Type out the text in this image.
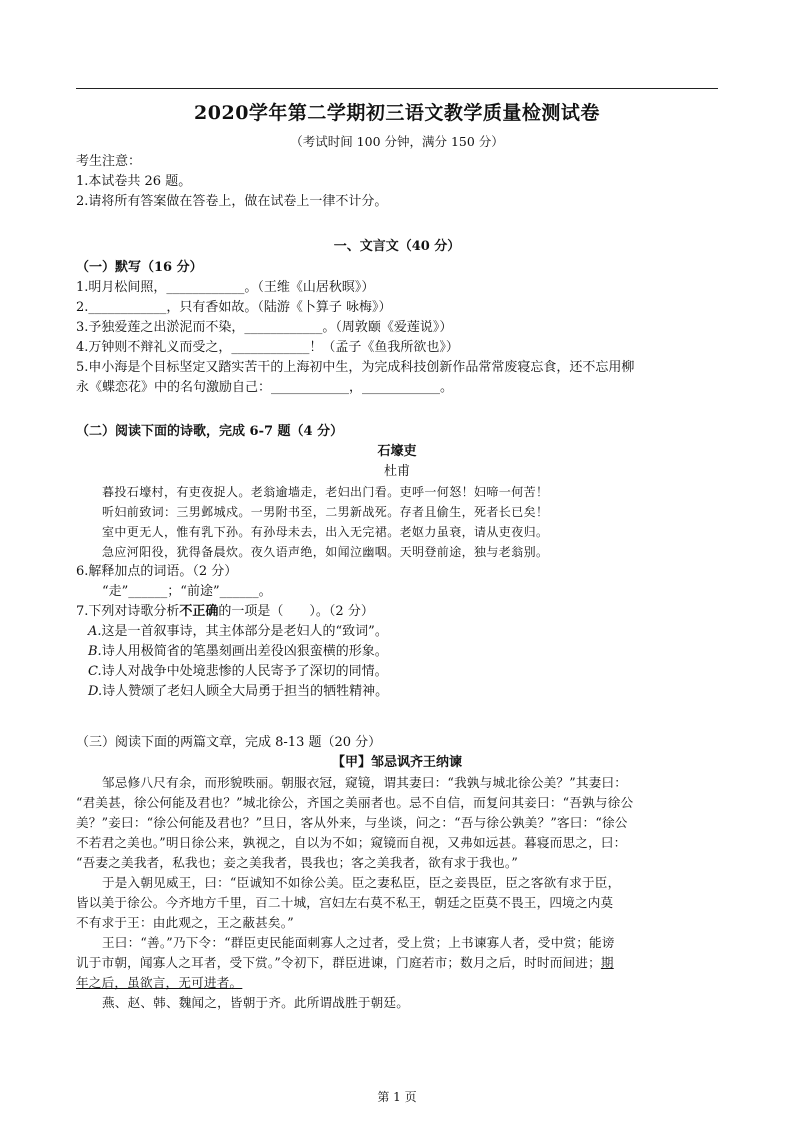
2020学年第二学期初三语文教学质量检测试卷
（考试时间 100 分钟，满分 150 分）
考生注意：
1.本试卷共 26 题。
2.请将所有答案做在答卷上，做在试卷上一律不计分。
一、文言文（40 分）
（一）默写（16 分）
1.明月松间照，____________。（王维《山居秋暝》）
2.____________，只有香如故。（陆游《卜算子 咏梅》）
3.予独爱莲之出淤泥而不染，____________。（周敦颐《爱莲说》）
4.万钟则不辩礼义而受之，____________！（孟子《鱼我所欲也》）
5.申小海是个目标坚定又踏实苦干的上海初中生，为完成科技创新作品常常废寝忘食，还不忘用柳
永《蝶恋花》中的名句激励自己：____________，____________。
（二）阅读下面的诗歌，完成 6-7 题（4 分）
石壕吏
杜甫
暮投石壕村，有吏夜捉人。老翁逾墙走，老妇出门看。吏呼一何怒！妇啼一何苦！
听妇前致词：三男邺城戍。一男附书至，二男新战死。存者且偷生，死者长已矣！
室中更无人，惟有乳下孙。有孙母未去，出入无完裙。老妪力虽衰，请从吏夜归。
急应河阳役，犹得备晨炊。夜久语声绝，如闻泣幽咽。天明登前途，独与老翁别。
6.解释加点的词语。（2 分）
“走”______；“前途”______。
7.下列对诗歌分析不正确的一项是（　　）。（2 分）
A.这是一首叙事诗，其主体部分是老妇人的“致词”。
B.诗人用极简省的笔墨刻画出差役凶狠蛮横的形象。
C.诗人对战争中处境悲惨的人民寄予了深切的同情。
D.诗人赞颂了老妇人顾全大局勇于担当的牺牲精神。
（三）阅读下面的两篇文章，完成 8-13 题（20 分）
【甲】邹忌讽齐王纳谏
邹忌修八尺有余，而形貌昳丽。朝服衣冠，窥镜，谓其妻曰：“我孰与城北徐公美？”其妻曰：
“君美甚，徐公何能及君也？”城北徐公，齐国之美丽者也。忌不自信，而复问其妾曰：“吾孰与徐公
美？”妾曰：“徐公何能及君也？”旦日，客从外来，与坐谈，问之：“吾与徐公孰美？”客曰：“徐公
不若君之美也。”明日徐公来，孰视之，自以为不如；窥镜而自视，又弗如远甚。暮寝而思之，曰：
“吾妻之美我者，私我也；妾之美我者，畏我也；客之美我者，欲有求于我也。”
于是入朝见威王，曰：“臣诚知不如徐公美。臣之妻私臣，臣之妾畏臣，臣之客欲有求于臣，
皆以美于徐公。今齐地方千里，百二十城，宫妇左右莫不私王，朝廷之臣莫不畏王，四境之内莫
不有求于王：由此观之，王之蔽甚矣。”
王曰：“善。”乃下令：“群臣吏民能面刺寡人之过者，受上赏；上书谏寡人者，受中赏；能谤
讥于市朝，闻寡人之耳者，受下赏。”令初下，群臣进谏，门庭若市；数月之后，时时而间进；期
年之后，虽欲言，无可进者。
燕、赵、韩、魏闻之，皆朝于齐。此所谓战胜于朝廷。
第 1 页
